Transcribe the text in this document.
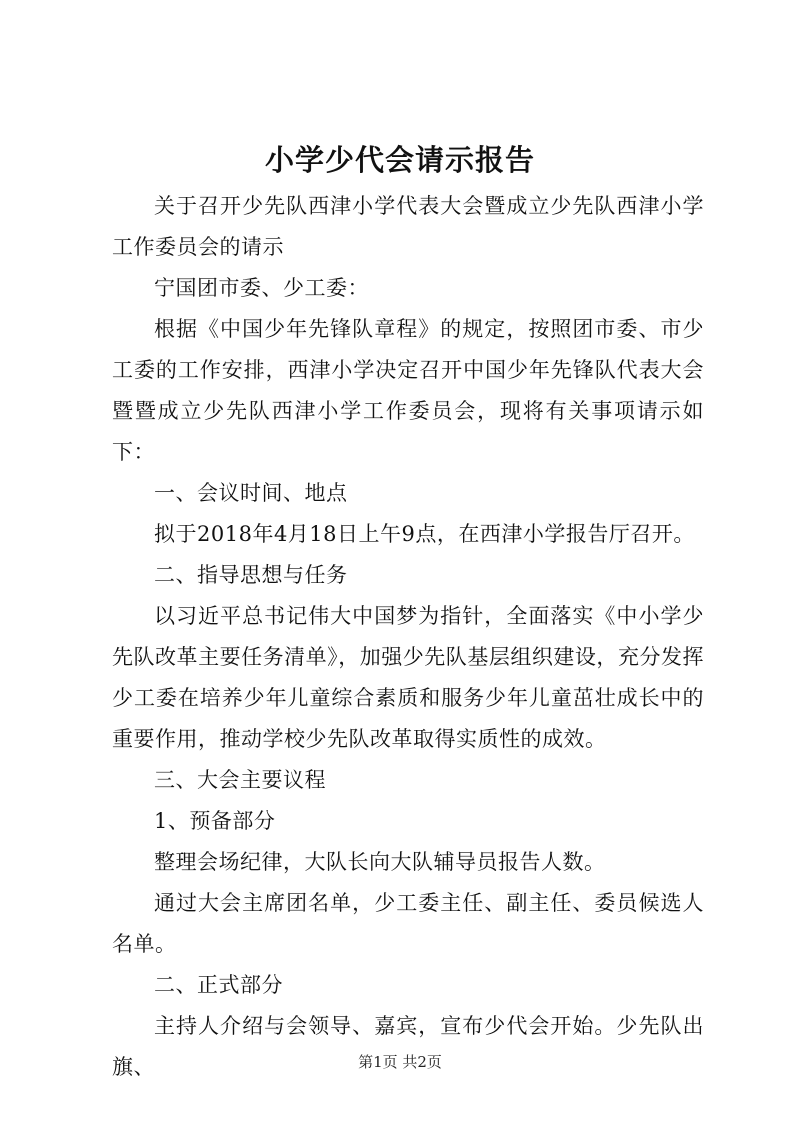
小学少代会请示报告

关于召开少先队西津小学代表大会暨成立少先队西津小学工作委员会的请示

宁国团市委、少工委：

根据《中国少年先锋队章程》的规定，按照团市委、市少工委的工作安排，西津小学决定召开中国少年先锋队代表大会暨暨成立少先队西津小学工作委员会，现将有关事项请示如下：

一、会议时间、地点

拟于2018年4月18日上午9点，在西津小学报告厅召开。

二、指导思想与任务

以习近平总书记伟大中国梦为指针，全面落实《中小学少先队改革主要任务清单》，加强少先队基层组织建设，充分发挥少工委在培养少年儿童综合素质和服务少年儿童茁壮成长中的重要作用，推动学校少先队改革取得实质性的成效。

三、大会主要议程

1、预备部分

整理会场纪律，大队长向大队辅导员报告人数。

通过大会主席团名单，少工委主任、副主任、委员候选人名单。

二、正式部分

主持人介绍与会领导、嘉宾，宣布少代会开始。少先队出旗、	第1页 共2页
